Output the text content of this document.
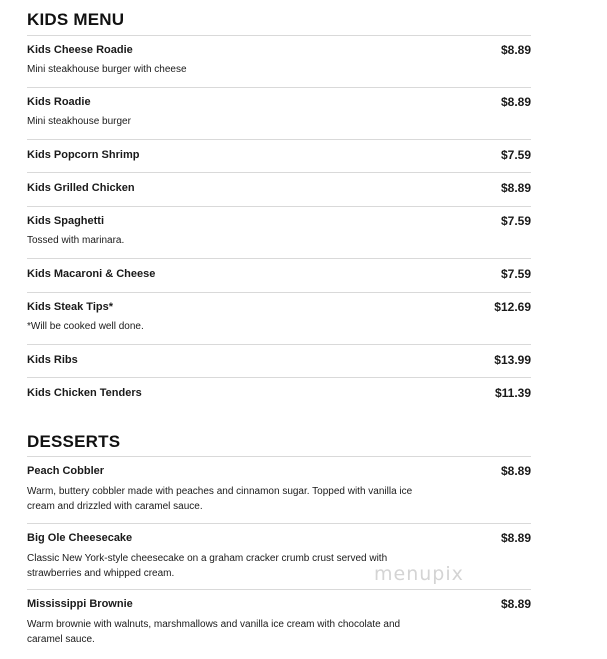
KIDS MENU
Kids Cheese Roadie	$8.89
Mini steakhouse burger with cheese
Kids Roadie	$8.89
Mini steakhouse burger
Kids Popcorn Shrimp	$7.59
Kids Grilled Chicken	$8.89
Kids Spaghetti	$7.59
Tossed with marinara.
Kids Macaroni & Cheese	$7.59
Kids Steak Tips*	$12.69
*Will be cooked well done.
Kids Ribs	$13.99
Kids Chicken Tenders	$11.39
DESSERTS
Peach Cobbler	$8.89
Warm, buttery cobbler made with peaches and cinnamon sugar. Topped with vanilla ice cream and drizzled with caramel sauce.
Big Ole Cheesecake	$8.89
Classic New York-style cheesecake on a graham cracker crumb crust served with strawberries and whipped cream.
Mississippi Brownie	$8.89
Warm brownie with walnuts, marshmallows and vanilla ice cream with chocolate and caramel sauce.
menupix
